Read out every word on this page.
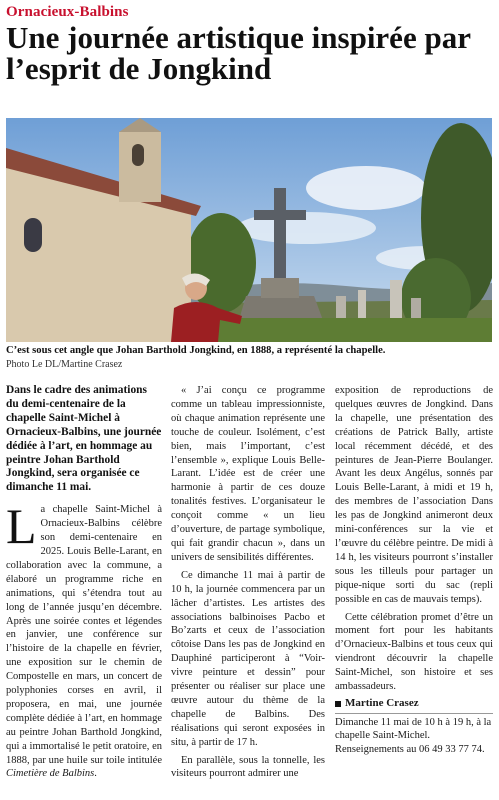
Ornacieux-Balbins
Une journée artistique inspirée par l’esprit de Jongkind
C’est sous cet angle que Johan Barthold Jongkind, en 1888, a représenté la chapelle.
Photo Le DL/Martine Crasez

Dans le cadre des animations du demi-centenaire de la chapelle Saint-Michel à Ornacieux-Balbins, une journée dédiée à l’art, en hommage au peintre Johan Barthold Jongkind, sera organisée ce dimanche 11 mai.

La chapelle Saint-Michel à Ornacieux-Balbins célèbre son demi-centenaire en 2025. Louis Belle-Larant, en collaboration avec la commune, a élaboré un programme riche en animations, qui s’étendra tout au long de l’année jusqu’en décembre. Après une soirée contes et légendes en janvier, une conférence sur l’histoire de la chapelle en février, une exposition sur le chemin de Compostelle en mars, un concert de polyphonies corses en avril, il proposera, en mai, une journée complète dédiée à l’art, en hommage au peintre Johan Barthold Jongkind, qui a immortalisé le petit oratoire, en 1888, par une huile sur toile intitulée Cimetière de Balbins.

« J’ai conçu ce programme comme un tableau impressionniste, où chaque animation représente une touche de couleur. Isolément, c’est bien, mais l’important, c’est l’ensemble », explique Louis Belle-Larant. L’idée est de créer une harmonie à partir de ces douze tonalités festives. L’organisateur le conçoit comme « un lieu d’ouverture, de partage symbolique, qui fait grandir chacun », dans un univers de sensibilités différentes.

Ce dimanche 11 mai à partir de 10 h, la journée commencera par un lâcher d’artistes. Les artistes des associations balbinoises Pacbo et Bo’zarts et ceux de l’association côtoise Dans les pas de Jongkind en Dauphiné participeront à “Voir-vivre peinture et dessin” pour présenter ou réaliser sur place une œuvre autour du thème de la chapelle de Balbins. Des réalisations qui seront exposées in situ, à partir de 17 h.

En parallèle, sous la tonnelle, les visiteurs pourront admirer une

exposition de reproductions de quelques œuvres de Jongkind. Dans la chapelle, une présentation des créations de Patrick Bally, artiste local récemment décédé, et des peintures de Jean-Pierre Boulanger. Avant les deux Angélus, sonnés par Louis Belle-Larant, à midi et 19 h, des membres de l’association Dans les pas de Jongkind animeront deux mini-conférences sur la vie et l’œuvre du célèbre peintre. De midi à 14 h, les visiteurs pourront s’installer sous les tilleuls pour partager un pique-nique sorti du sac (repli possible en cas de mauvais temps).

Cette célébration promet d’être un moment fort pour les habitants d’Ornacieux-Balbins et tous ceux qui viendront découvrir la chapelle Saint-Michel, son histoire et ses ambassadeurs.

Martine Crasez

Dimanche 11 mai de 10 h à 19 h, à la chapelle Saint-Michel. Renseignements au 06 49 33 77 74.
